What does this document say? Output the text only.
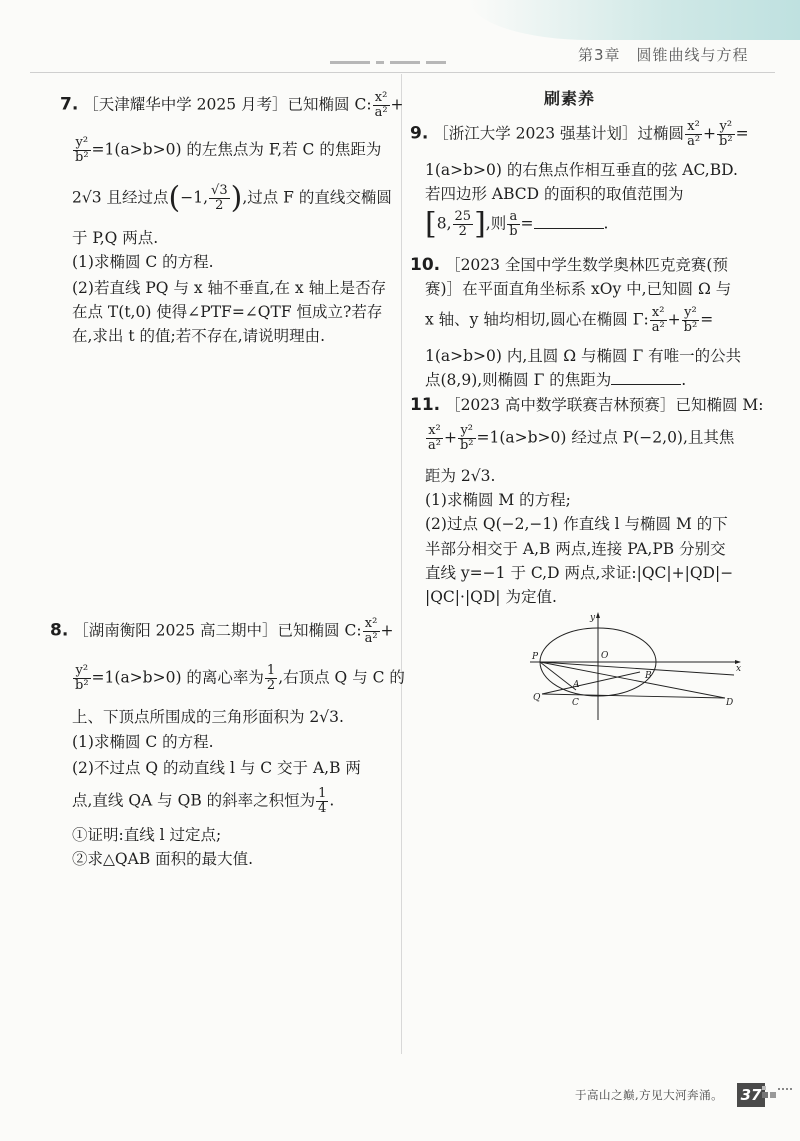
第3章　圆锥曲线与方程
刷素养
7. ［天津耀华中学 2025 月考］已知椭圆 C: $\frac{\text{x²}}{\text{a²}}$ +
$\frac{\text{y²}}{\text{b²}} =1(a>b>0)$ 的左焦点为 F,若 C 的焦距为
2√3 且经过点(−1, $\frac{√3}{2}$ ),过点 F 的直线交椭圆
于 P,Q 两点.
(1)求椭圆 C 的方程.
(2)若直线 PQ 与 x 轴不垂直,在 x 轴上是否存
在点 T(t,0) 使得∠PTF=∠QTF 恒成立?若存
在,求出 t 的值;若不存在,请说明理由.
8. ［湖南衡阳 2025 高二期中］已知椭圆 C: $\frac{\text{x²}}{\text{a²}}$ +
$\frac{\text{y²}}{\text{b²}} =1(a>b>0)$ 的离心率为 $\frac{1}{2}$ ,右顶点 Q 与 C 的
上、下顶点所围成的三角形面积为 2√3.
(1)求椭圆 C 的方程.
(2)不过点 Q 的动直线 l 与 C 交于 A,B 两
点,直线 QA 与 QB 的斜率之积恒为 $\frac{1}{4}$ .
①证明:直线 l 过定点;
②求△QAB 面积的最大值.
9. ［浙江大学 2023 强基计划］过椭圆 $\frac{\text{x²}}{\text{a²}} + \frac{\text{y²}}{\text{b²}}$ =
1(a>b>0) 的右焦点作相互垂直的弦 AC,BD.
若四边形 ABCD 的面积的取值范围为
[8, $\frac{25}{2}$ ],则 $\frac{a}{b}$ =	.
10. ［2023 全国中学生数学奥林匹克竞赛(预
赛)］在平面直角坐标系 xOy 中,已知圆 Ω 与
x 轴、y 轴均相切,圆心在椭圆 Γ: $\frac{\text{x²}}{\text{a²}} + \frac{\text{y²}}{\text{b²}}$ =
1(a>b>0) 内,且圆 Ω 与椭圆 Γ 有唯一的公共
点(8,9),则椭圆 Γ 的焦距为	.
11. ［2023 高中数学联赛吉林预赛］已知椭圆 M:
$\frac{\text{x²}}{\text{a²}} + \frac{\text{y²}}{\text{b²}} =1(a>b>0)$ 经过点 P(−2,0),且其焦
距为 2√3.
(1)求椭圆 M 的方程;
(2)过点 Q(−2,−1) 作直线 l 与椭圆 M 的下
半部分相交于 A,B 两点,连接 PA,PB 分别交
直线 y=−1 于 C,D 两点,求证:|QC|+|QD|−
|QC|·|QD| 为定值.
P
y
O
x
A
B
Q	C	D
于高山之巅,方见大河奔涌。 37
